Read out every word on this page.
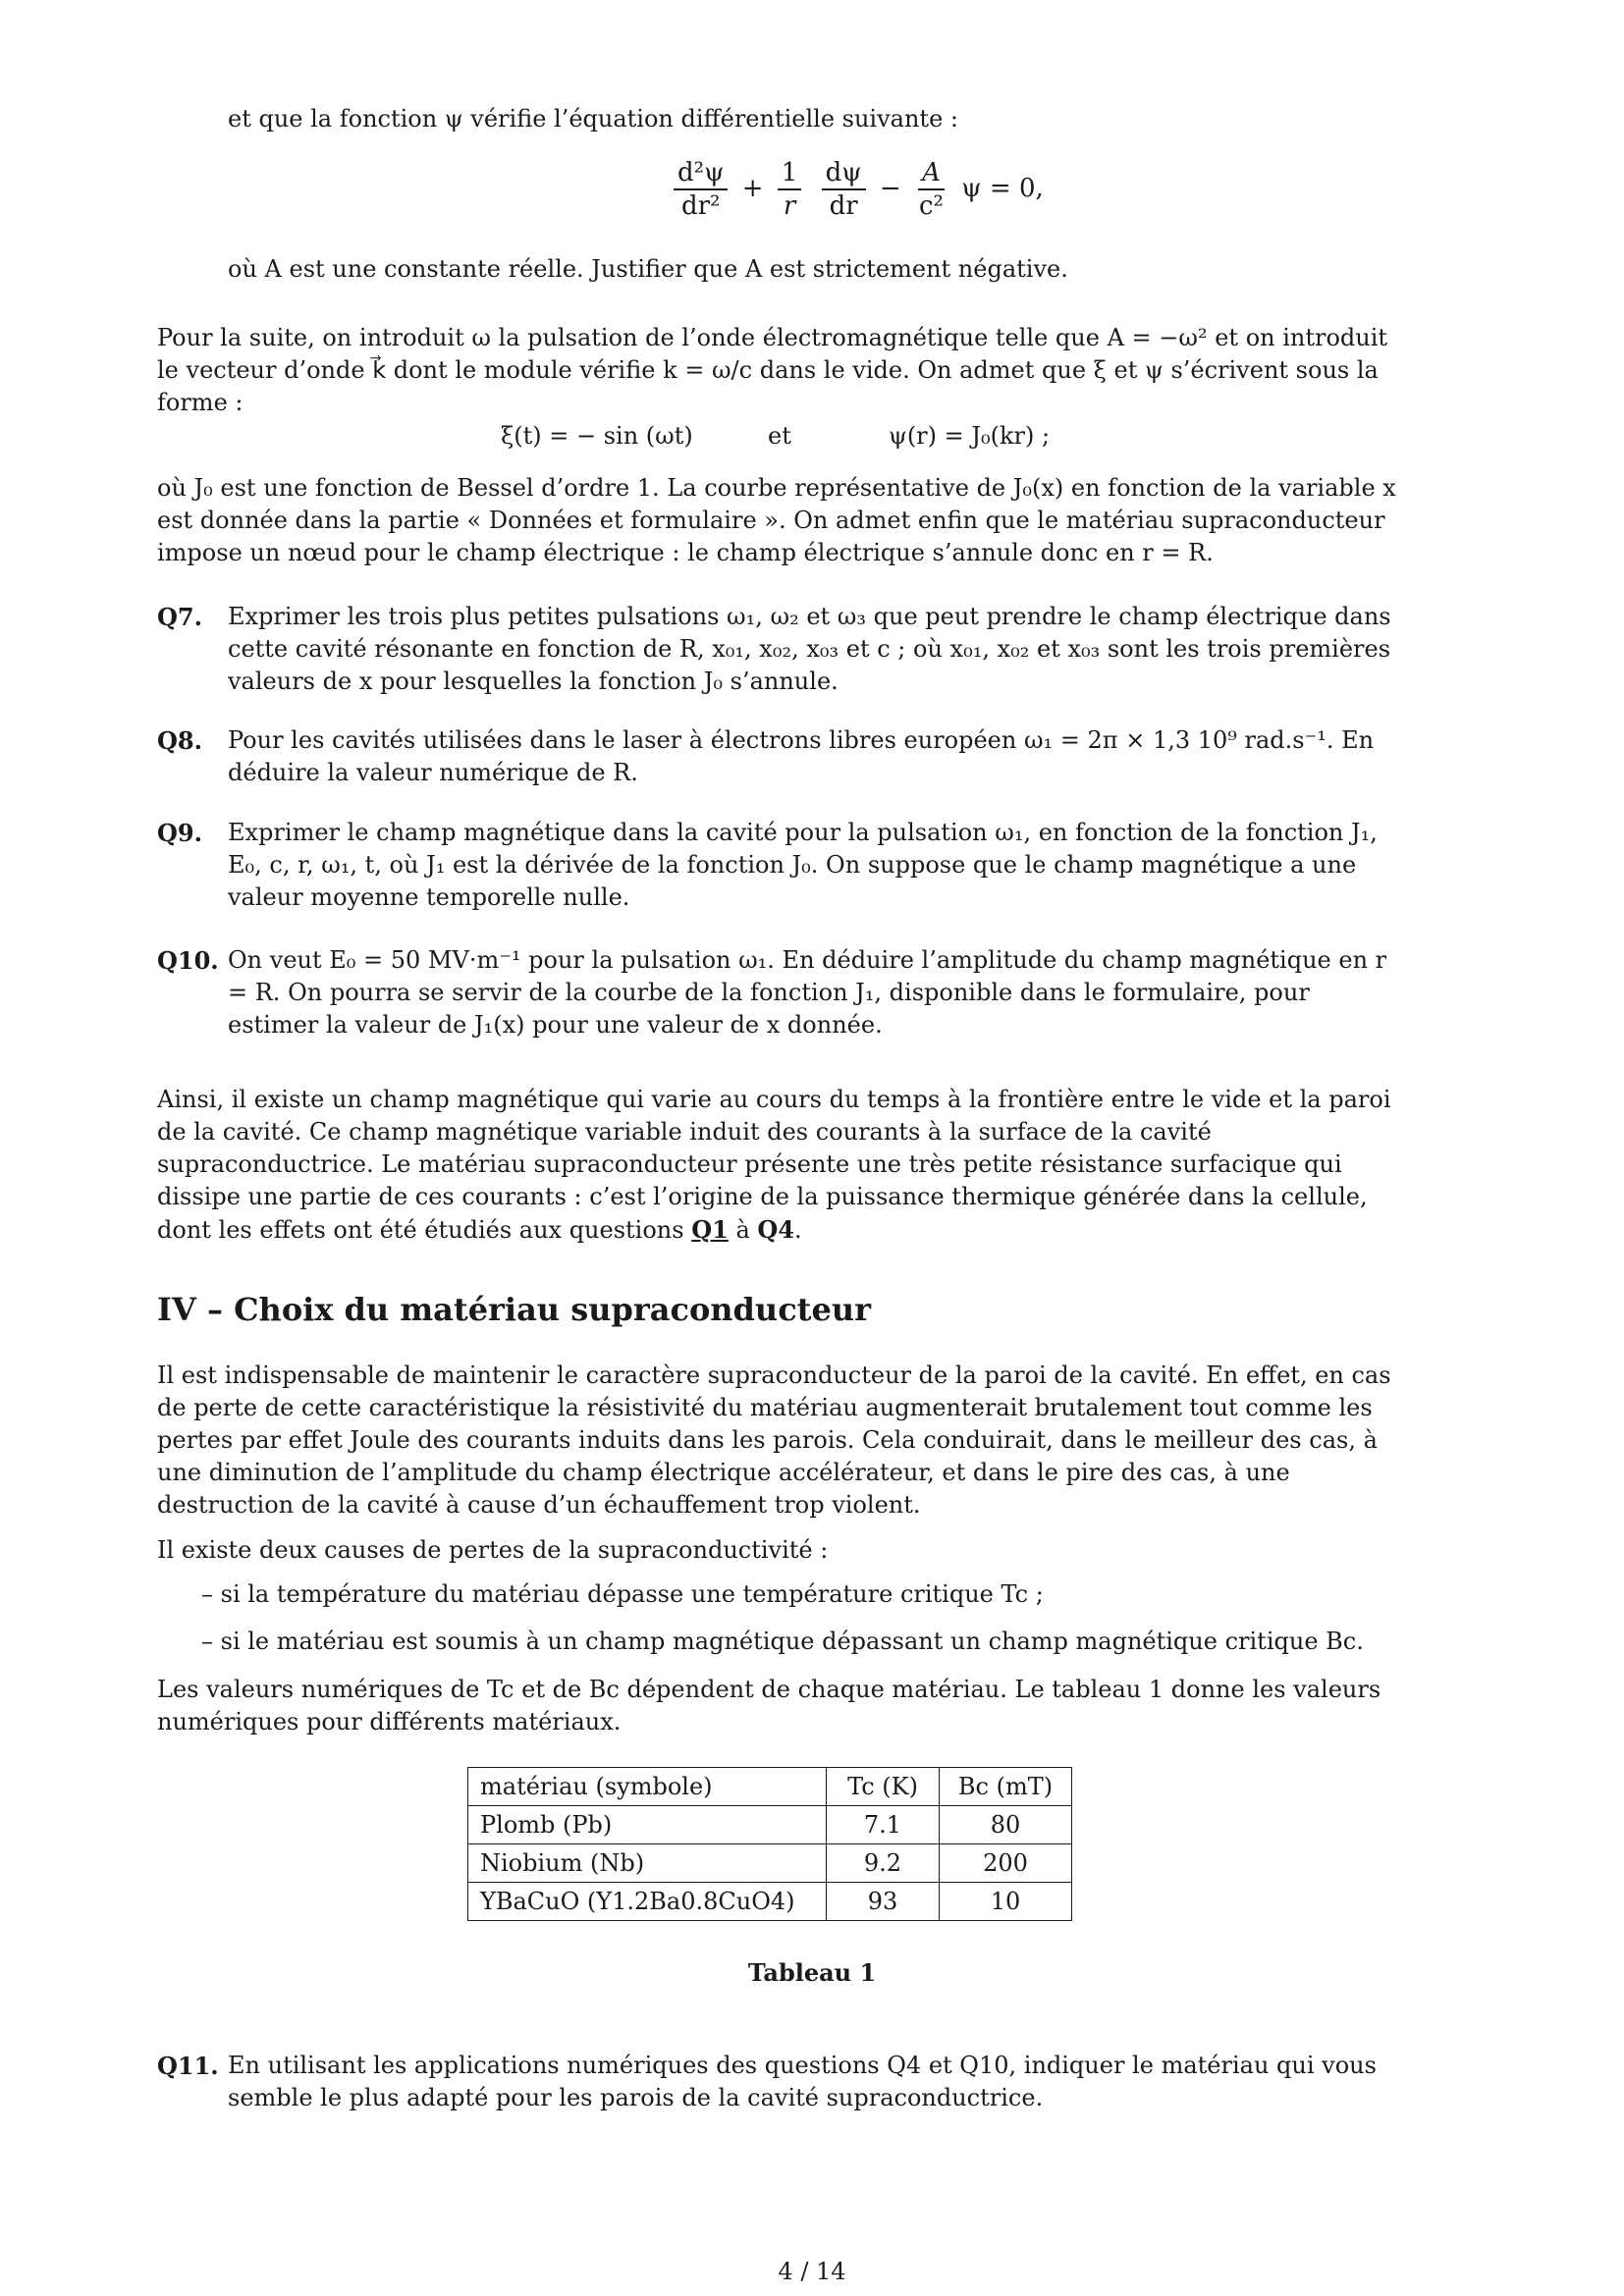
et que la fonction ψ vérifie l’équation différentielle suivante :
$\frac{\text{d²ψ}}{\text{dr²}} + \frac{1}{r}$
$\frac{d\psi}{dr} - \frac{A}{\text{c²}}$ ψ = 0,
où A est une constante réelle. Justifier que A est strictement négative.
Pour la suite, on introduit ω la pulsation de l’onde électromagnétique telle que A = −ω² et on introduit le vecteur d’onde k⃗ dont le module vérifie k = ω/c dans le vide. On admet que ξ et ψ s’écrivent sous la forme :
ξ(t) = − sin (ωt)	et	ψ(r) = J₀(kr) ;
où J₀ est une fonction de Bessel d’ordre 1. La courbe représentative de J₀(x) en fonction de la variable x est donnée dans la partie « Données et formulaire ». On admet enfin que le matériau supraconducteur impose un nœud pour le champ électrique : le champ électrique s’annule donc en r = R.
Q7. Exprimer les trois plus petites pulsations ω₁, ω₂ et ω₃ que peut prendre le champ électrique dans cette cavité résonante en fonction de R, x₀₁, x₀₂, x₀₃ et c ; où x₀₁, x₀₂ et x₀₃ sont les trois premières valeurs de x pour lesquelles la fonction J₀ s’annule.
Q8. Pour les cavités utilisées dans le laser à électrons libres européen ω₁ = 2π × 1,3 10⁹ rad.s⁻¹. En déduire la valeur numérique de R.
Q9. Exprimer le champ magnétique dans la cavité pour la pulsation ω₁, en fonction de la fonction J₁, E₀, c, r, ω₁, t, où J₁ est la dérivée de la fonction J₀. On suppose que le champ magnétique a une valeur moyenne temporelle nulle.
Q10. On veut E₀ = 50 MV·m⁻¹ pour la pulsation ω₁. En déduire l’amplitude du champ magnétique en r = R. On pourra se servir de la courbe de la fonction J₁, disponible dans le formulaire, pour estimer la valeur de J₁(x) pour une valeur de x donnée.
Ainsi, il existe un champ magnétique qui varie au cours du temps à la frontière entre le vide et la paroi de la cavité. Ce champ magnétique variable induit des courants à la surface de la cavité supraconductrice. Le matériau supraconducteur présente une très petite résistance surfacique qui dissipe une partie de ces courants : c’est l’origine de la puissance thermique générée dans la cellule, dont les effets ont été étudiés aux questions Q1 à Q4.
IV – Choix du matériau supraconducteur
Il est indispensable de maintenir le caractère supraconducteur de la paroi de la cavité. En effet, en cas de perte de cette caractéristique la résistivité du matériau augmenterait brutalement tout comme les pertes par effet Joule des courants induits dans les parois. Cela conduirait, dans le meilleur des cas, à une diminution de l’amplitude du champ électrique accélérateur, et dans le pire des cas, à une destruction de la cavité à cause d’un échauffement trop violent.
Il existe deux causes de pertes de la supraconductivité :
– si la température du matériau dépasse une température critique Tc ;
– si le matériau est soumis à un champ magnétique dépassant un champ magnétique critique Bc.
Les valeurs numériques de Tc et de Bc dépendent de chaque matériau. Le tableau 1 donne les valeurs numériques pour différents matériaux.
matériau (symbole)	Tc (K)	Bc (mT)
Plomb (Pb)	7.1	80
Niobium (Nb)	9.2	200
YBaCuO (Y1.2Ba0.8CuO4)	93	10
Tableau 1
Q11. En utilisant les applications numériques des questions Q4 et Q10, indiquer le matériau qui vous semble le plus adapté pour les parois de la cavité supraconductrice.
4 / 14
